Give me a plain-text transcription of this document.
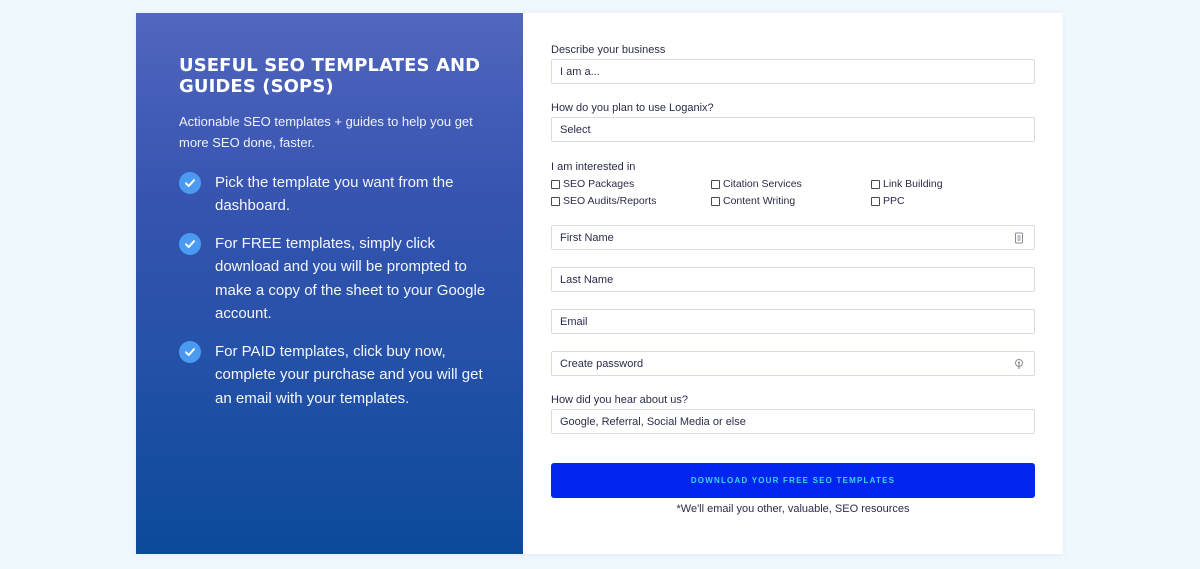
USEFUL SEO TEMPLATES AND GUIDES (SOPS)
Actionable SEO templates + guides to help you get more SEO done, faster.
Pick the template you want from the dashboard.
For FREE templates, simply click download and you will be prompted to make a copy of the sheet to your Google account.
For PAID templates, click buy now, complete your purchase and you will get an email with your templates.
Describe your business
I am a...
How do you plan to use Loganix?
Select
I am interested in
SEO Packages	Citation Services	Link Building
SEO Audits/Reports	Content Writing	PPC
First Name
Last Name
Email
Create password
How did you hear about us?
Google, Referral, Social Media or else
DOWNLOAD YOUR FREE SEO TEMPLATES
*We'll email you other, valuable, SEO resources
